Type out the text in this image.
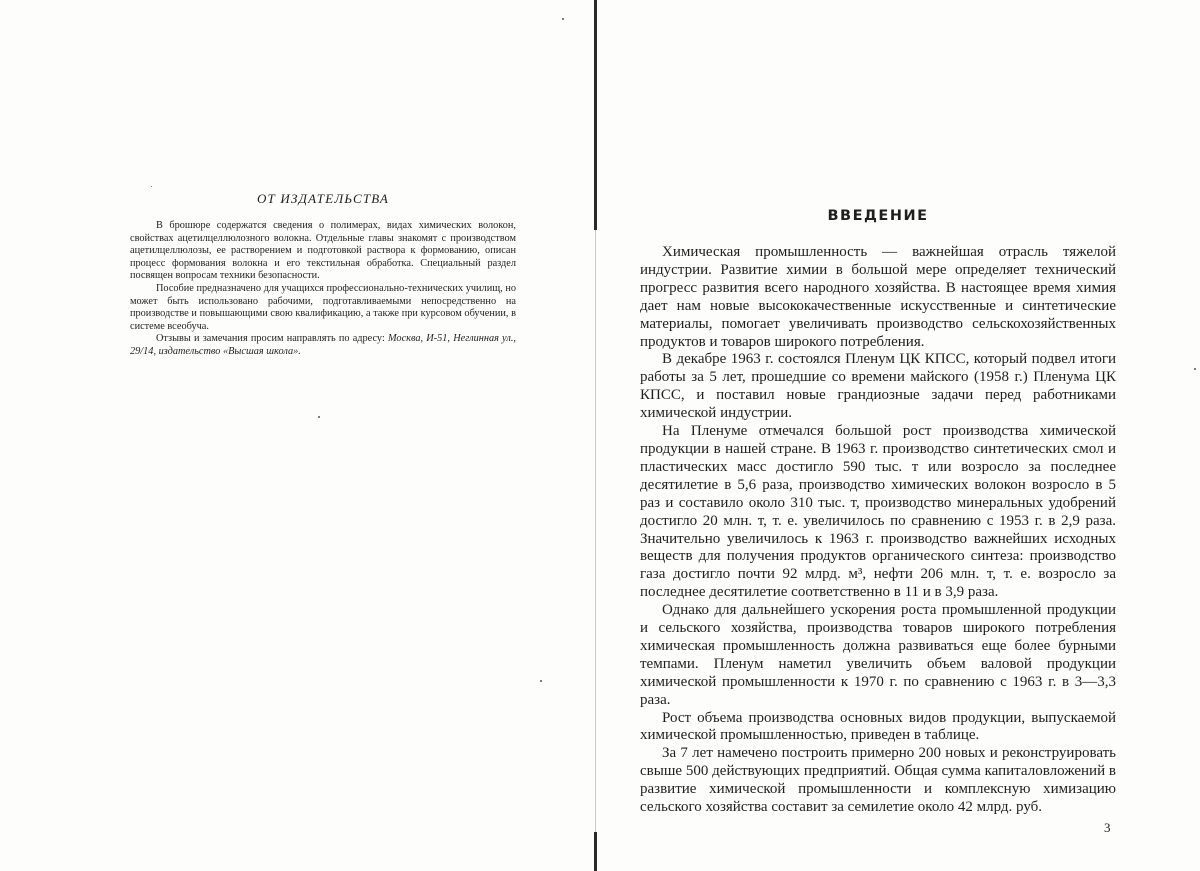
ОТ ИЗДАТЕЛЬСТВА

В брошюре содержатся сведения о полимерах, видах химических волокон, свойствах ацетилцеллюлозного волокна. Отдельные главы знакомят с производством ацетилцеллюлозы, ее растворением и подготовкой раствора к формованию, описан процесс формования волокна и его текстильная обработка. Специальный раздел посвящен вопросам техники безопасности.

Пособие предназначено для учащихся профессионально-технических училищ, но может быть использовано рабочими, подготавливаемыми непосредственно на производстве и повышающими свою квалификацию, а также при курсовом обучении, в системе всеобуча.

Отзывы и замечания просим направлять по адресу: Москва, И-51, Неглинная ул., 29/14, издательство «Высшая школа».

ВВЕДЕНИЕ

Химическая промышленность — важнейшая отрасль тяжелой индустрии. Развитие химии в большой мере определяет технический прогресс развития всего народного хозяйства. В настоящее время химия дает нам новые высококачественные искусственные и синтетические материалы, помогает увеличивать производство сельскохозяйственных продуктов и товаров широкого потребления.

В декабре 1963 г. состоялся Пленум ЦК КПСС, который подвел итоги работы за 5 лет, прошедшие со времени майского (1958 г.) Пленума ЦК КПСС, и поставил новые грандиозные задачи перед работниками химической индустрии.

На Пленуме отмечался большой рост производства химической продукции в нашей стране. В 1963 г. производство синтетических смол и пластических масс достигло 590 тыс. т или возросло за последнее десятилетие в 5,6 раза, производство химических волокон возросло в 5 раз и составило около 310 тыс. т, производство минеральных удобрений достигло 20 млн. т, т. е. увеличилось по сравнению с 1953 г. в 2,9 раза. Значительно увеличилось к 1963 г. производство важнейших исходных веществ для получения продуктов органического синтеза: производство газа достигло почти 92 млрд. м³, нефти 206 млн. т, т. е. возросло за последнее десятилетие соответственно в 11 и в 3,9 раза.

Однако для дальнейшего ускорения роста промышленной продукции и сельского хозяйства, производства товаров широкого потребления химическая промышленность должна развиваться еще более бурными темпами. Пленум наметил увеличить объем валовой продукции химической промышленности к 1970 г. по сравнению с 1963 г. в 3—3,3 раза.

Рост объема производства основных видов продукции, выпускаемой химической промышленностью, приведен в таблице.

За 7 лет намечено построить примерно 200 новых и реконструировать свыше 500 действующих предприятий. Общая сумма капиталовложений в развитие химической промышленности и комплексную химизацию сельского хозяйства составит за семилетие около 42 млрд. руб.

3
